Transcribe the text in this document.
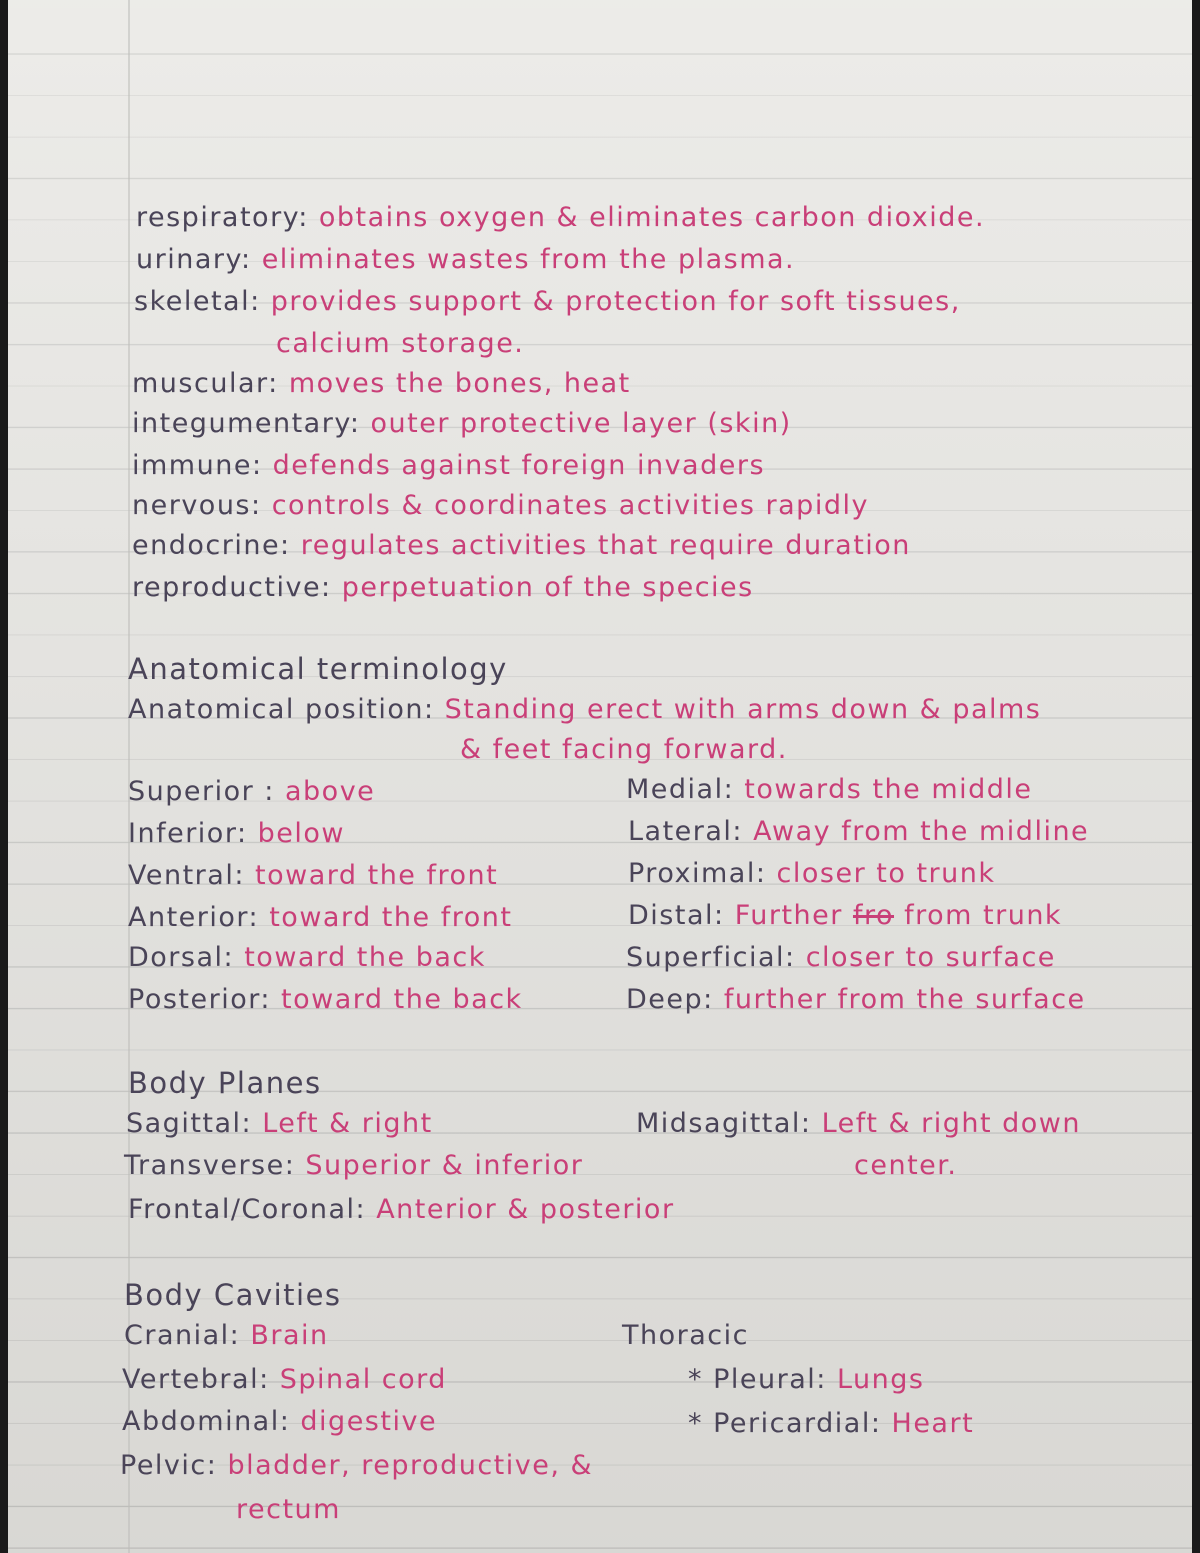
respiratory: obtains oxygen & eliminates carbon dioxide.
urinary: eliminates wastes from the plasma.
skeletal: provides support & protection for soft tissues,
calcium storage.
muscular: moves the bones, heat
integumentary: outer protective layer (skin)
immune: defends against foreign invaders
nervous: controls & coordinates activities rapidly
endocrine: regulates activities that require duration
reproductive: perpetuation of the species
Anatomical terminology
Anatomical position: Standing erect with arms down & palms
& feet facing forward.
Superior : above
Inferior: below
Ventral: toward the front
Anterior: toward the front
Dorsal: toward the back
Posterior: toward the back
Medial: towards the middle
Lateral: Away from the midline
Proximal: closer to trunk
Distal: Further fro from trunk
Superficial: closer to surface
Deep: further from the surface
Body Planes
Sagittal: Left & right
Transverse: Superior & inferior
Frontal/Coronal: Anterior & posterior
Midsagittal: Left & right down
center.
Body Cavities
Cranial: Brain
Vertebral: Spinal cord
Abdominal: digestive
Pelvic: bladder, reproductive, &
rectum
Thoracic
* Pleural: Lungs
* Pericardial: Heart
